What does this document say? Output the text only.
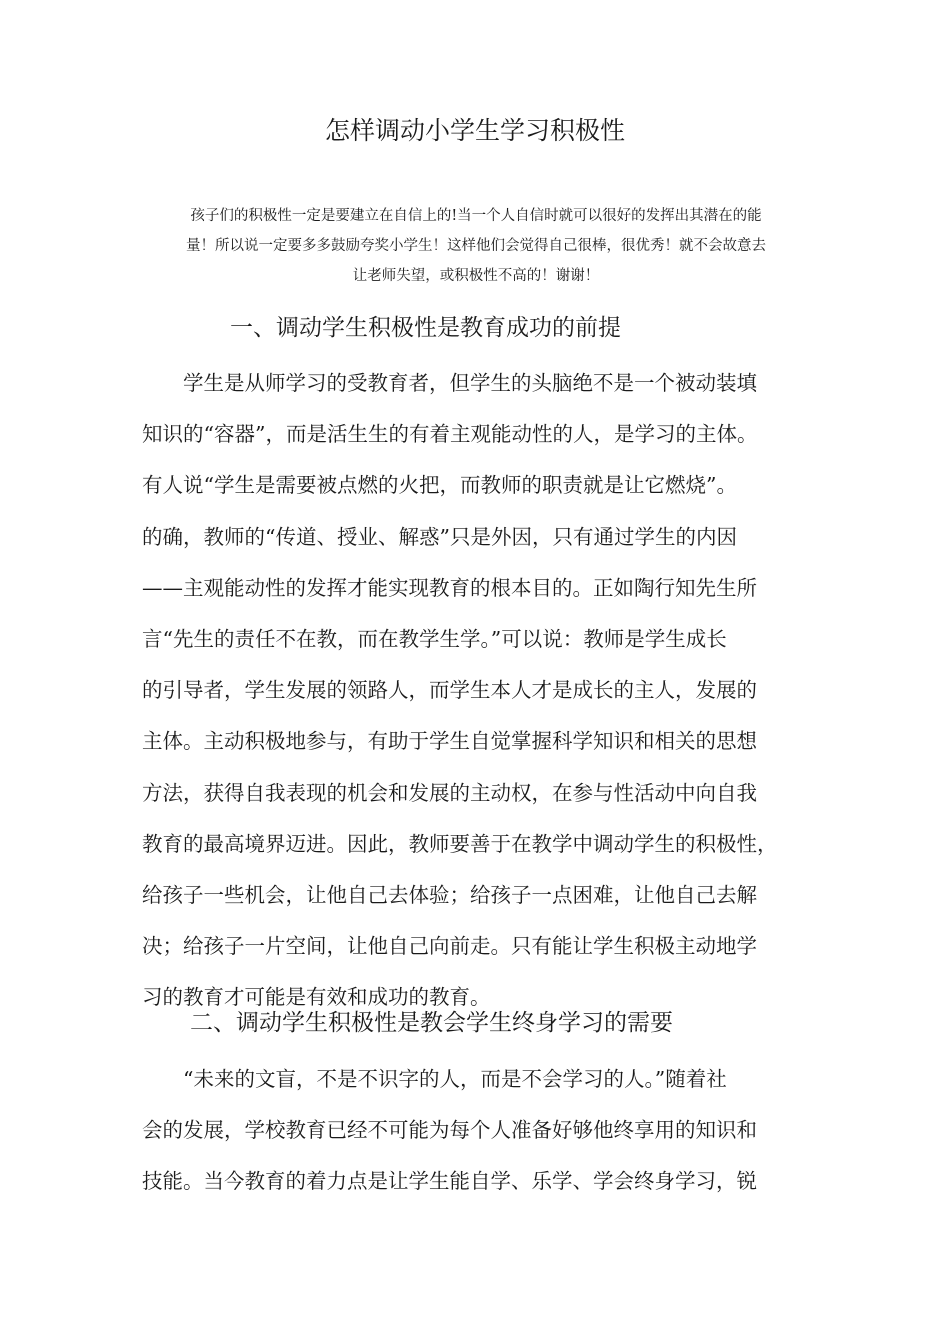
怎样调动小学生学习积极性

孩子们的积极性一定是要建立在自信上的!当一个人自信时就可以很好的发挥出其潜在的能
量！所以说一定要多多鼓励夸奖小学生！这样他们会觉得自己很棒，很优秀！就不会故意去
让老师失望，或积极性不高的！谢谢！

一、调动学生积极性是教育成功的前提

　　学生是从师学习的受教育者，但学生的头脑绝不是一个被动装填
知识的“容器”，而是活生生的有着主观能动性的人，是学习的主体。
有人说“学生是需要被点燃的火把，而教师的职责就是让它燃烧”。
的确，教师的“传道、授业、解惑”只是外因，只有通过学生的内因
——主观能动性的发挥才能实现教育的根本目的。正如陶行知先生所
言“先生的责任不在教，而在教学生学。”可以说：教师是学生成长
的引导者，学生发展的领路人，而学生本人才是成长的主人，发展的
主体。主动积极地参与，有助于学生自觉掌握科学知识和相关的思想
方法，获得自我表现的机会和发展的主动权，在参与性活动中向自我
教育的最高境界迈进。因此，教师要善于在教学中调动学生的积极性，
给孩子一些机会，让他自己去体验；给孩子一点困难，让他自己去解
决；给孩子一片空间，让他自己向前走。只有能让学生积极主动地学
习的教育才可能是有效和成功的教育。

二、调动学生积极性是教会学生终身学习的需要

　　“未来的文盲，不是不识字的人，而是不会学习的人。”随着社
会的发展，学校教育已经不可能为每个人准备好够他终享用的知识和
技能。当今教育的着力点是让学生能自学、乐学、学会终身学习，锐
